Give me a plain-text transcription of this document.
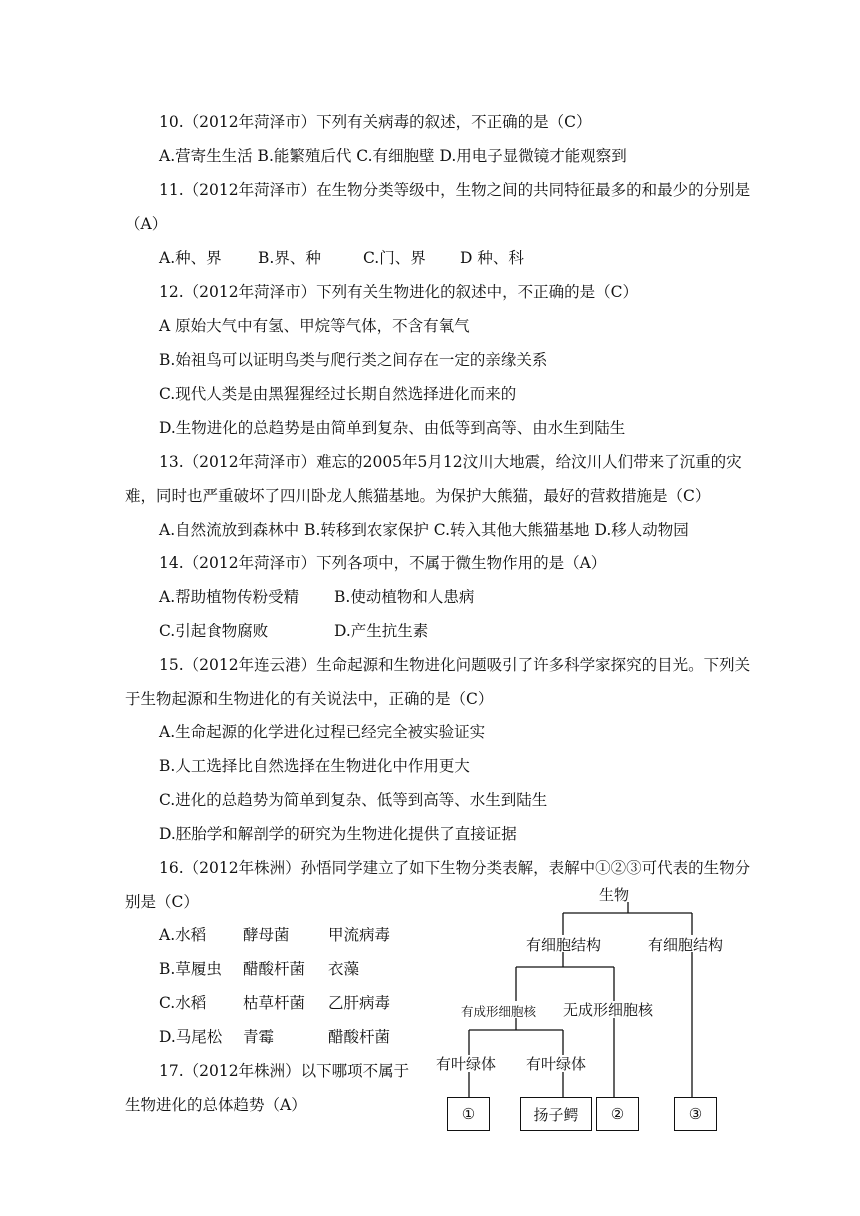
10.（2012年菏泽市）下列有关病毒的叙述，不正确的是（C）
A.营寄生生活 B.能繁殖后代 C.有细胞壁 D.用电子显微镜才能观察到
11.（2012年菏泽市）在生物分类等级中，生物之间的共同特征最多的和最少的分别是
（A）
A.种、界 B.界、种	C.门、界 D 种、科
12.（2012年菏泽市）下列有关生物进化的叙述中，不正确的是（C）
A 原始大气中有氢、甲烷等气体，不含有氧气
B.始祖鸟可以证明鸟类与爬行类之间存在一定的亲缘关系
C.现代人类是由黑猩猩经过长期自然选择进化而来的
D.生物进化的总趋势是由简单到复杂、由低等到高等、由水生到陆生
13.（2012年菏泽市）难忘的2005年5月12汶川大地震，给汶川人们带来了沉重的灾
难，同时也严重破坏了四川卧龙人熊猫基地。为保护大熊猫，最好的营救措施是（C）
A.自然流放到森林中 B.转移到农家保护 C.转入其他大熊猫基地 D.移人动物园
14.（2012年菏泽市）下列各项中，不属于微生物作用的是（A）
A.帮助植物传粉受精 B.使动植物和人患病
C.引起食物腐败	D.产生抗生素
15.（2012年连云港）生命起源和生物进化问题吸引了许多科学家探究的目光。下列关
于生物起源和生物进化的有关说法中，正确的是（C）
A.生命起源的化学进化过程已经完全被实验证实
B.人工选择比自然选择在生物进化中作用更大
C.进化的总趋势为简单到复杂、低等到高等、水生到陆生
D.胚胎学和解剖学的研究为生物进化提供了直接证据
16.（2012年株洲）孙悟同学建立了如下生物分类表解，表解中①②③可代表的生物分
别是（C）
A.水稻 酵母菌 甲流病毒
B.草履虫 醋酸杆菌 衣藻
C.水稻 枯草杆菌 乙肝病毒
D.马尾松 青霉	醋酸杆菌
17.（2012年株洲）以下哪项不属于
生物进化的总体趋势（A）
生物
有细胞结构	有细胞结构
有成形细胞核 无成形细胞核
有叶绿体 有叶绿体
①	扬子鳄	②	③
